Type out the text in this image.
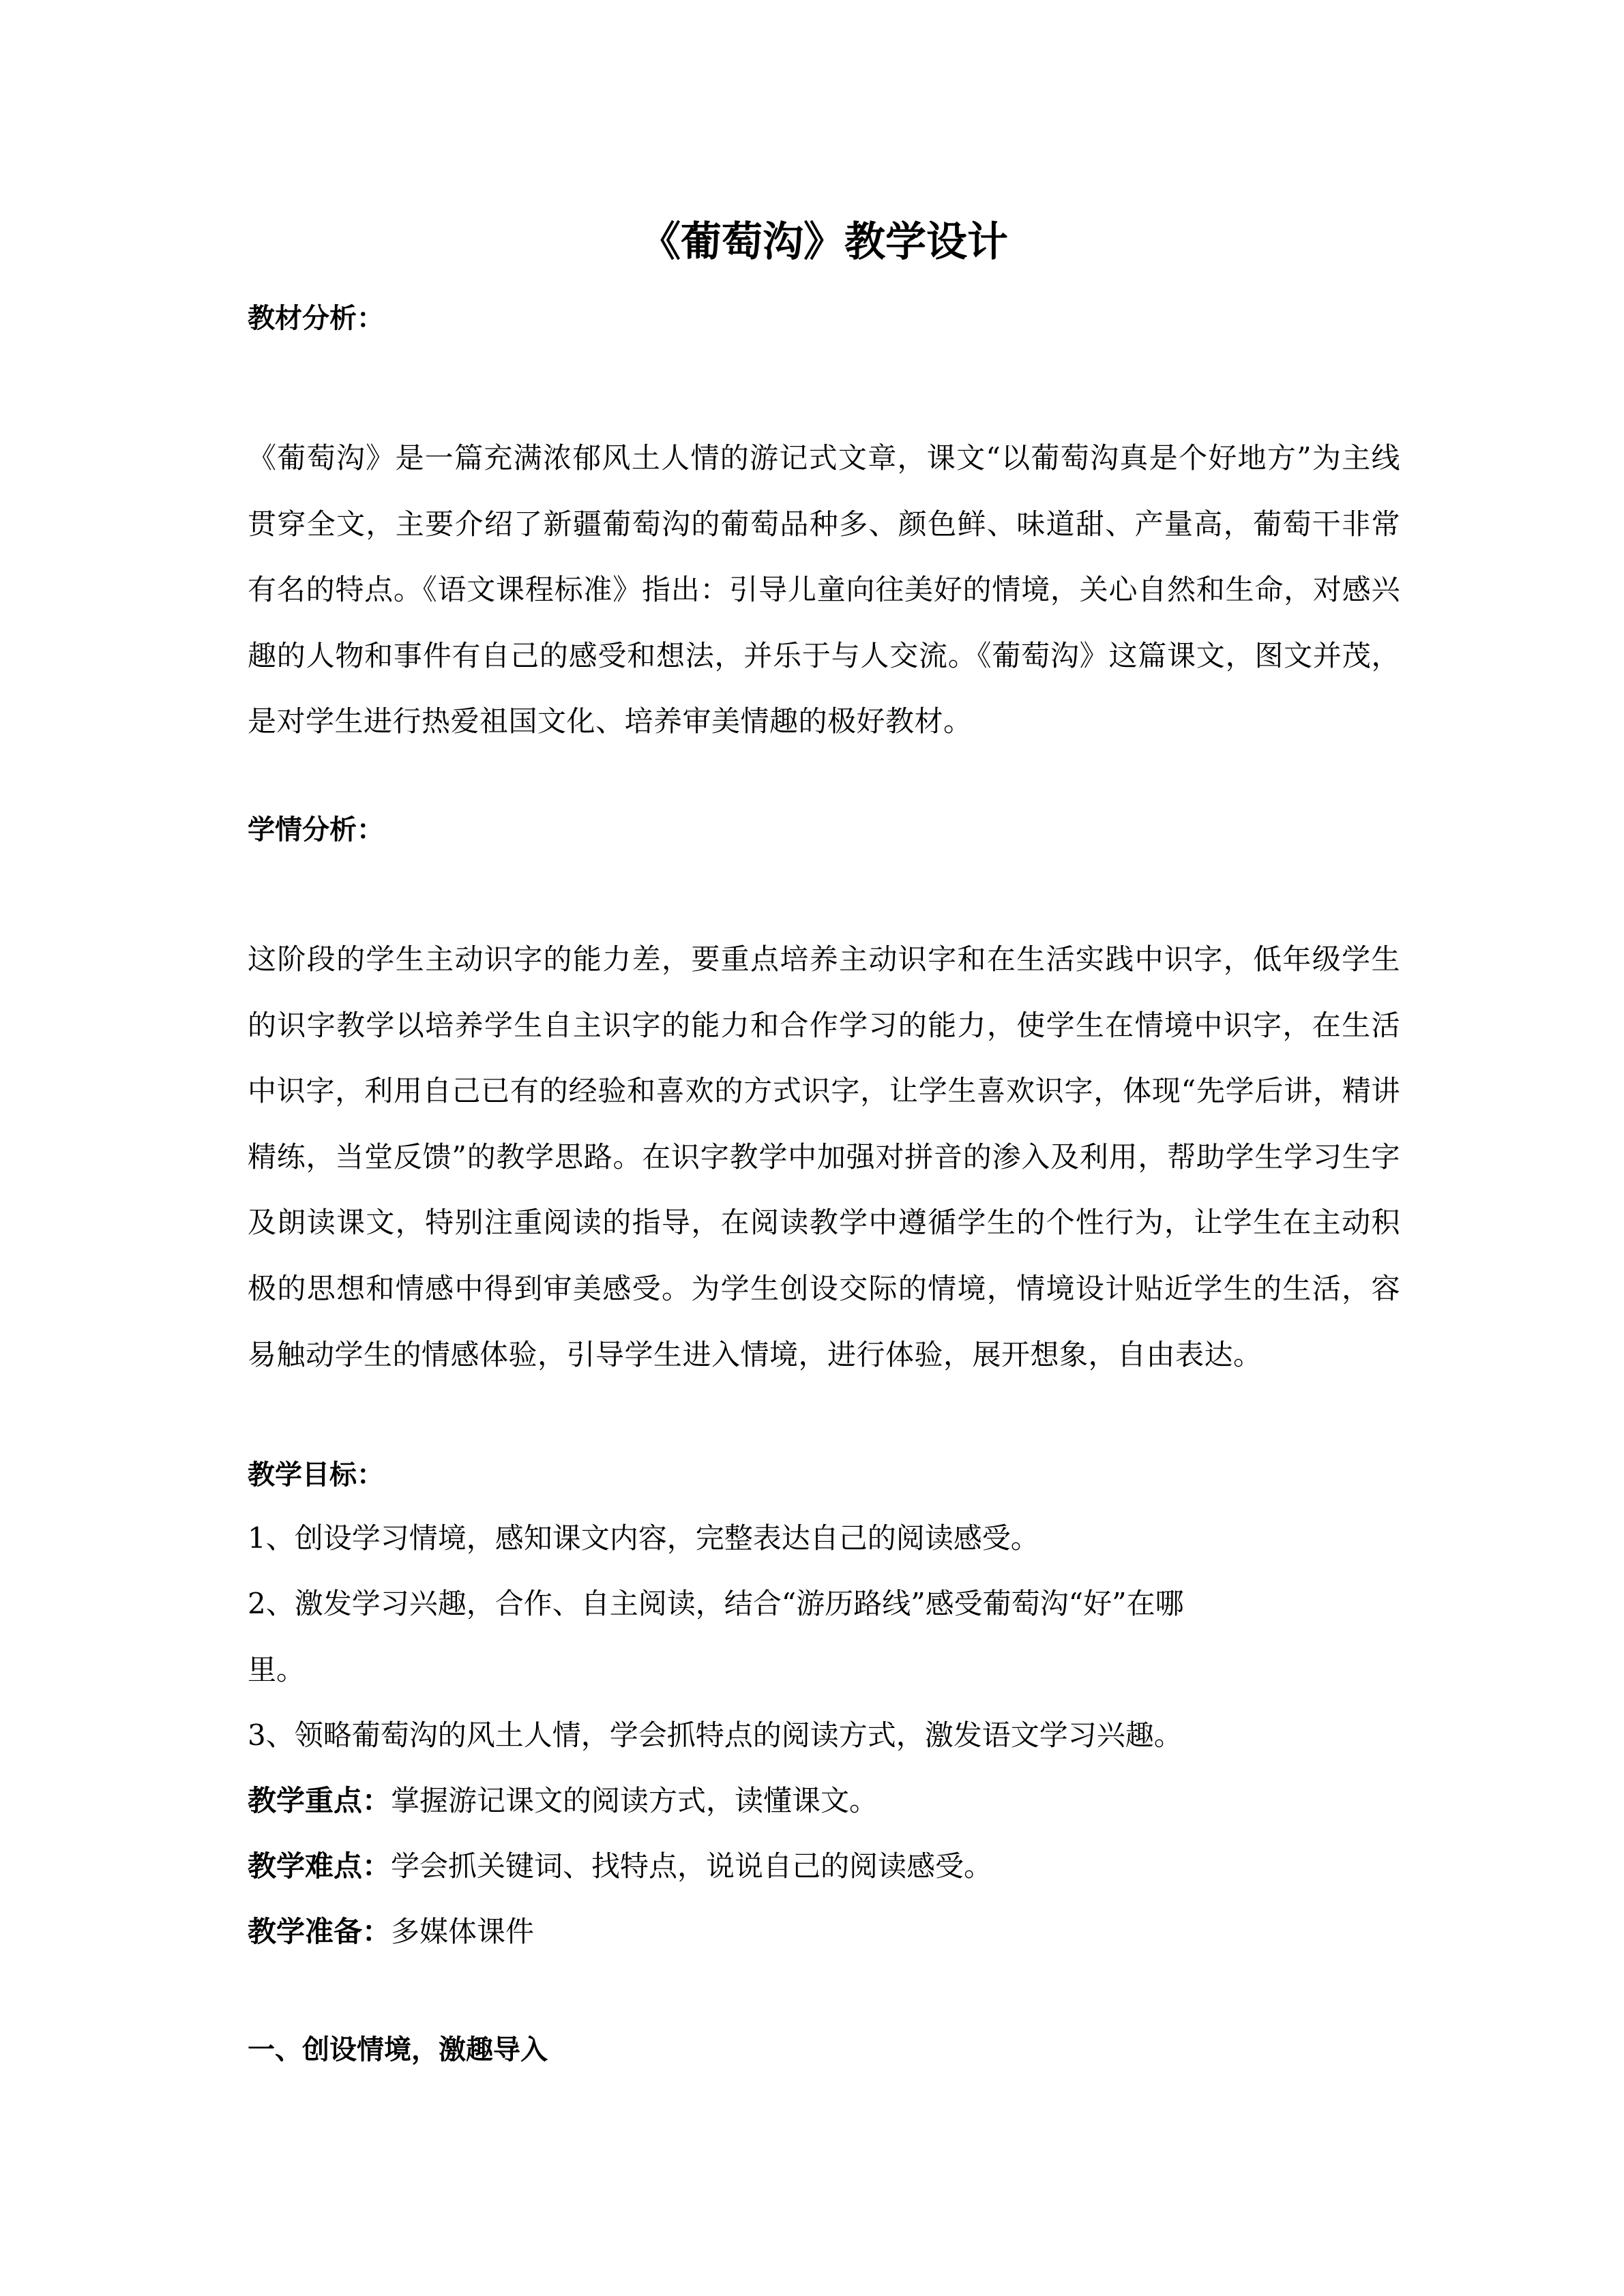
《葡萄沟》教学设计
教材分析：

《葡萄沟》是一篇充满浓郁风土人情的游记式文章，课文“以葡萄沟真是个好地方”为主线贯穿全文，主要介绍了新疆葡萄沟的葡萄品种多、颜色鲜、味道甜、产量高，葡萄干非常有名的特点。《语文课程标准》指出：引导儿童向往美好的情境，关心自然和生命，对感兴趣的人物和事件有自己的感受和想法，并乐于与人交流。《葡萄沟》这篇课文，图文并茂，是对学生进行热爱祖国文化、培养审美情趣的极好教材。

学情分析：

这阶段的学生主动识字的能力差，要重点培养主动识字和在生活实践中识字，低年级学生的识字教学以培养学生自主识字的能力和合作学习的能力，使学生在情境中识字，在生活中识字，利用自己已有的经验和喜欢的方式识字，让学生喜欢识字，体现“先学后讲，精讲精练，当堂反馈”的教学思路。在识字教学中加强对拼音的渗入及利用，帮助学生学习生字及朗读课文，特别注重阅读的指导，在阅读教学中遵循学生的个性行为，让学生在主动积极的思想和情感中得到审美感受。为学生创设交际的情境，情境设计贴近学生的生活，容易触动学生的情感体验，引导学生进入情境，进行体验，展开想象，自由表达。

教学目标：
1、创设学习情境，感知课文内容，完整表达自己的阅读感受。
2、激发学习兴趣，合作、自主阅读，结合“游历路线”感受葡萄沟“好”在哪
里。
3、领略葡萄沟的风土人情，学会抓特点的阅读方式，激发语文学习兴趣。
教学重点：掌握游记课文的阅读方式，读懂课文。
教学难点：学会抓关键词、找特点，说说自己的阅读感受。
教学准备：多媒体课件
一、创设情境，激趣导入
